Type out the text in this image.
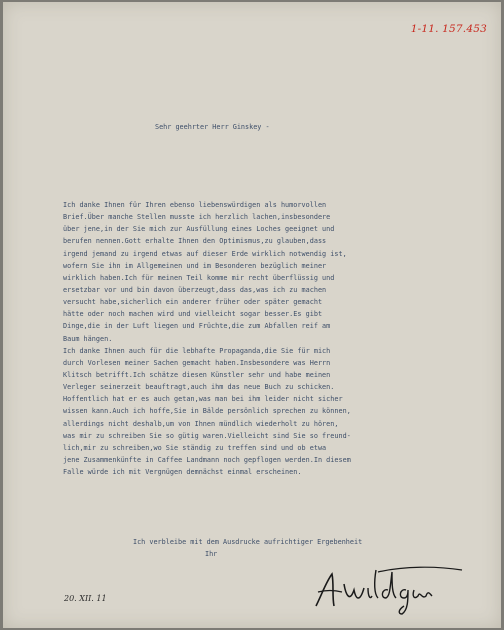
1-11. 157.453
Sehr geehrter Herr Ginskey -
Ich danke Ihnen für Ihren ebenso liebenswürdigen als humorvollen
Brief.Über manche Stellen musste ich herzlich lachen,insbesondere
über jene,in der Sie mich zur Ausfüllung eines Loches geeignet und
berufen nennen.Gott erhalte Ihnen den Optimismus,zu glauben,dass
irgend jemand zu irgend etwas auf dieser Erde wirklich notwendig ist,
wofern Sie ihn im Allgemeinen und im Besonderen bezüglich meiner
wirklich haben.Ich für meinen Teil komme mir recht überflüssig und
ersetzbar vor und bin davon überzeugt,dass das,was ich zu machen
versucht habe,sicherlich ein anderer früher oder später gemacht
hätte oder noch machen wird und vielleicht sogar besser.Es gibt
Dinge,die in der Luft liegen und Früchte,die zum Abfallen reif am
Baum hängen.
Ich danke Ihnen auch für die lebhafte Propaganda,die Sie für mich
durch Vorlesen meiner Sachen gemacht haben.Insbesondere was Herrn
Klitsch betrifft.Ich schätze diesen Künstler sehr und habe meinen
Verleger seinerzeit beauftragt,auch ihm das neue Buch zu schicken.
Hoffentlich hat er es auch getan,was man bei ihm leider nicht sicher
wissen kann.Auch ich hoffe,Sie in Bälde persönlich sprechen zu können,
allerdings nicht deshalb,um von Ihnen mündlich wiederholt zu hören,
was mir zu schreiben Sie so gütig waren.Vielleicht sind Sie so freund-
lich,mir zu schreiben,wo Sie ständig zu treffen sind und ob etwa
jene Zusammenkünfte in Caffee Landmann noch gepflogen werden.In diesem
Falle würde ich mit Vergnügen demnächst einmal erscheinen.
Ich verbleibe mit dem Ausdrucke aufrichtiger Ergebenheit
Ihr
20. XII. 11
